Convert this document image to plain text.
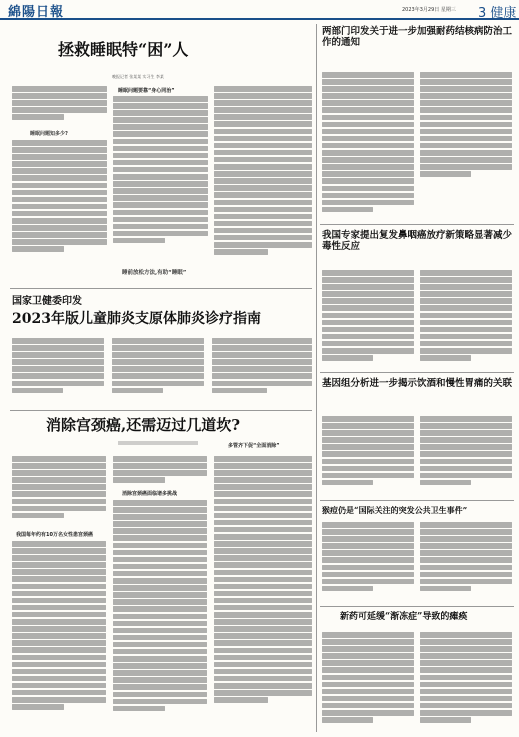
綿陽日報	2023年3月29日 星期三 3 健康
拯救睡眠特“困”人
晚报记者 张某某 实习生 李某
睡眠问题知多少?
睡眠问题要靠“身心同治”
睡前放松方法,有助“睡眠”
国家卫健委印发
2023年版儿童肺炎支原体肺炎诊疗指南
消除宫颈癌,还需迈过几道坎?
我国每年约有10万名女性患宫颈癌
消除宫颈癌面临诸多挑战
多管齐下促“全面消除”
两部门印发关于进一步加强耐药结核病防治工作的通知
我国专家提出复发鼻咽癌放疗新策略显著减少毒性反应
基因组分析进一步揭示饮酒和慢性胃痛的关联
猴痘仍是“国际关注的突发公共卫生事件”
新药可延缓“渐冻症”导致的瘫痪
